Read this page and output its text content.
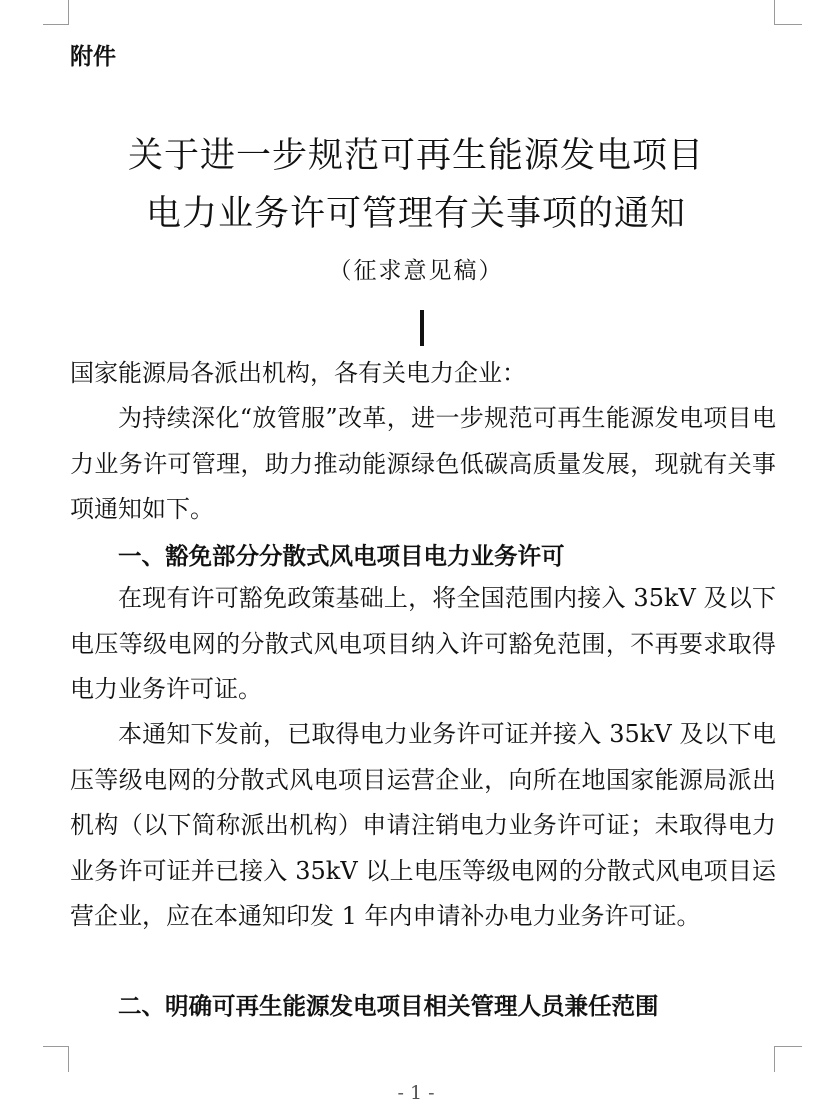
附件
关于进一步规范可再生能源发电项目
电力业务许可管理有关事项的通知
（征求意见稿）

国家能源局各派出机构，各有关电力企业：

为持续深化“放管服”改革，进一步规范可再生能源发电项目电力业务许可管理，助力推动能源绿色低碳高质量发展，现就有关事项通知如下。

一、豁免部分分散式风电项目电力业务许可

在现有许可豁免政策基础上，将全国范围内接入 35kV 及以下电压等级电网的分散式风电项目纳入许可豁免范围，不再要求取得电力业务许可证。

本通知下发前，已取得电力业务许可证并接入 35kV 及以下电压等级电网的分散式风电项目运营企业，向所在地国家能源局派出机构（以下简称派出机构）申请注销电力业务许可证；未取得电力业务许可证并已接入 35kV 以上电压等级电网的分散式风电项目运营企业，应在本通知印发 1 年内申请补办电力业务许可证。

二、明确可再生能源发电项目相关管理人员兼任范围
- 1 -
